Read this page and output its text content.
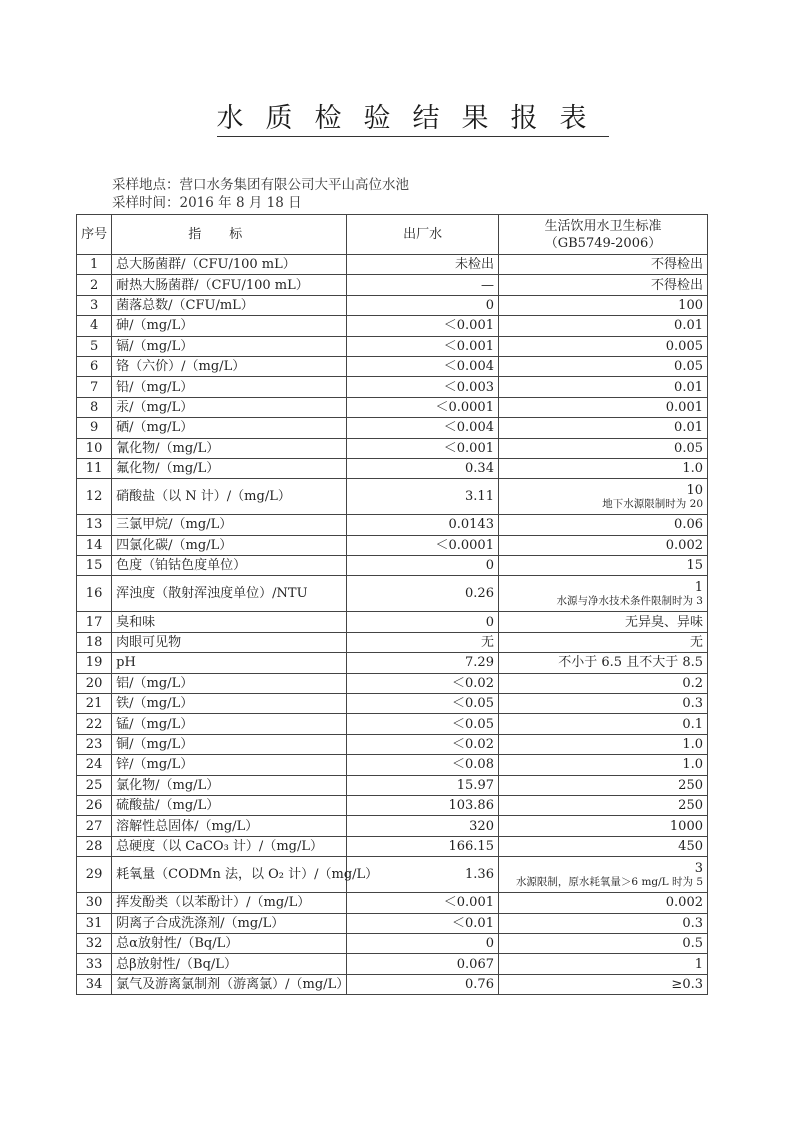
水质检验结果报表
采样地点：营口水务集团有限公司大平山高位水池
采样时间：2016 年 8 月 18 日
序号	指标	出厂水	生活饮用水卫生标准
（GB5749-2006）

1	总大肠菌群/（CFU/100 mL）	未检出	不得检出
2	耐热大肠菌群/（CFU/100 mL）	—	不得检出
3	菌落总数/（CFU/mL）	0	100
4	砷/（mg/L）	＜0.001	0.01
5	镉/（mg/L）	＜0.001	0.005
6	铬（六价）/（mg/L）	＜0.004	0.05
7	铅/（mg/L）	＜0.003	0.01
8	汞/（mg/L）	＜0.0001	0.001
9	硒/（mg/L）	＜0.004	0.01
10	氰化物/（mg/L）	＜0.001	0.05
11	氟化物/（mg/L）	0.34	1.0
12	硝酸盐（以 N 计）/（mg/L）	3.11	10
地下水源限制时为 20

13	三氯甲烷/（mg/L）	0.0143	0.06
14	四氯化碳/（mg/L）	＜0.0001	0.002
15	色度（铂钴色度单位）	0	15
16	浑浊度（散射浑浊度单位）/NTU	0.26	1
水源与净水技术条件限制时为 3

17	臭和味	0	无异臭、异味
18	肉眼可见物	无	无
19	pH	7.29	不小于 6.5 且不大于 8.5
20	铝/（mg/L）	＜0.02	0.2
21	铁/（mg/L）	＜0.05	0.3
22	锰/（mg/L）	＜0.05	0.1
23	铜/（mg/L）	＜0.02	1.0
24	锌/（mg/L）	＜0.08	1.0
25	氯化物/（mg/L）	15.97	250
26	硫酸盐/（mg/L）	103.86	250
27	溶解性总固体/（mg/L）	320	1000
28	总硬度（以 CaCO₃ 计）/（mg/L）	166.15	450
29	耗氧量（CODMn 法，以 O₂ 计）/（mg/L）	1.36	3
水源限制，原水耗氧量＞6 mg/L 时为 5

30	挥发酚类（以苯酚计）/（mg/L）	＜0.001	0.002
31	阴离子合成洗涤剂/（mg/L）	＜0.01	0.3
32	总α放射性/（Bq/L）	0	0.5
33	总β放射性/（Bq/L）	0.067	1
34	氯气及游离氯制剂（游离氯）/（mg/L）	0.76	≥0.3
